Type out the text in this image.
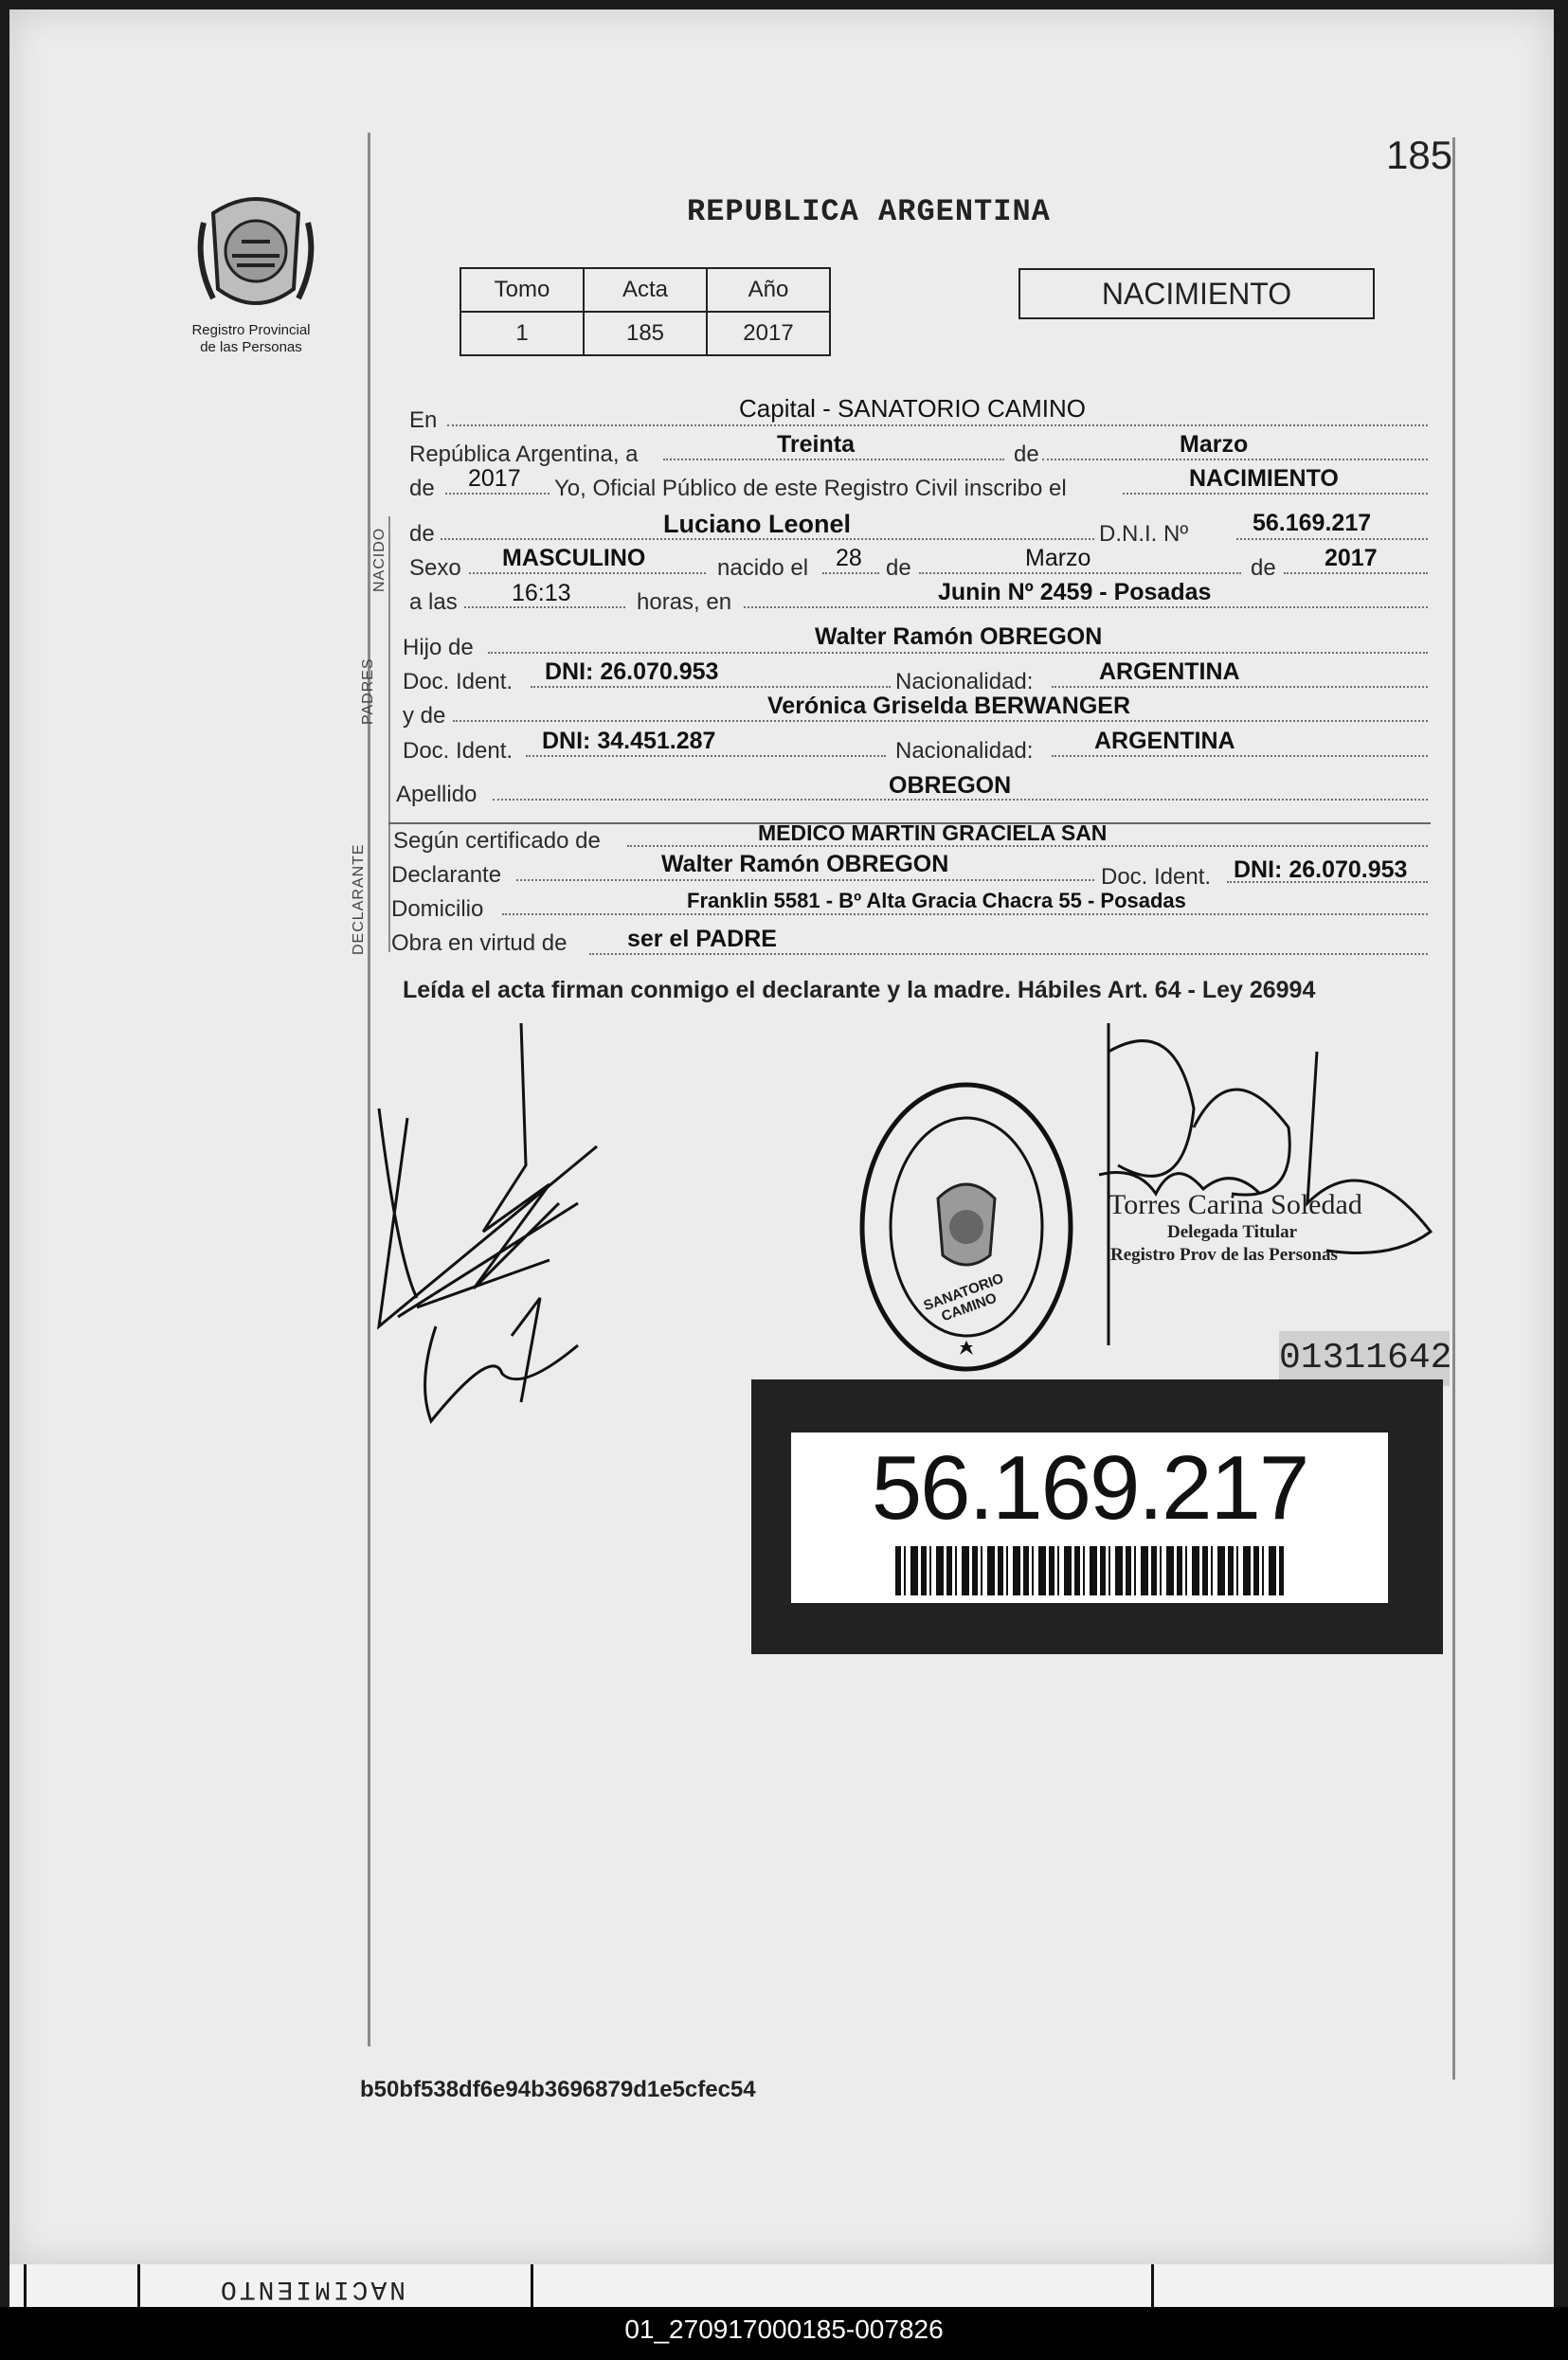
185
Registro Provincial
de las Personas
REPUBLICA ARGENTINA
Tomo	Acta	Año
1	185	2017
NACIMIENTO
NACIDO
PADRES
DECLARANTE
En	Capital - SANATORIO CAMINO
República Argentina, a	Treinta	de	Marzo
de 2017 Yo, Oficial Público de este Registro Civil inscribo el	NACIMIENTO
de	Luciano Leonel	D.N.I. Nº	56.169.217
Sexo MASCULINO	nacido el 28 de	Marzo	de 2017
a las 16:13	horas, en	Junin Nº 2459 - Posadas
Hijo de	Walter Ramón OBREGON
Doc. Ident. DNI: 26.070.953	Nacionalidad:	ARGENTINA
y de	Verónica Griselda BERWANGER
Doc. Ident. DNI: 34.451.287	Nacionalidad:	ARGENTINA
Apellido	OBREGON
Según certificado de	MEDICO MARTIN GRACIELA SAN
Declarante	Walter Ramón OBREGON	Doc. Ident. DNI: 26.070.953
Domicilio	Franklin 5581 - Bº Alta Gracia Chacra 55 - Posadas
Obra en virtud de	ser el PADRE
Leída el acta firman conmigo el declarante y la madre. Hábiles Art. 64 - Ley 26994
SANATORIO CAMINO
Torres Carina Soledad
Delegada Titular
Registro Prov de las Personas
01311642
56.169.217
b50bf538df6e94b3696879d1e5cfec54
NACIMIENTO
01_270917000185-007826
